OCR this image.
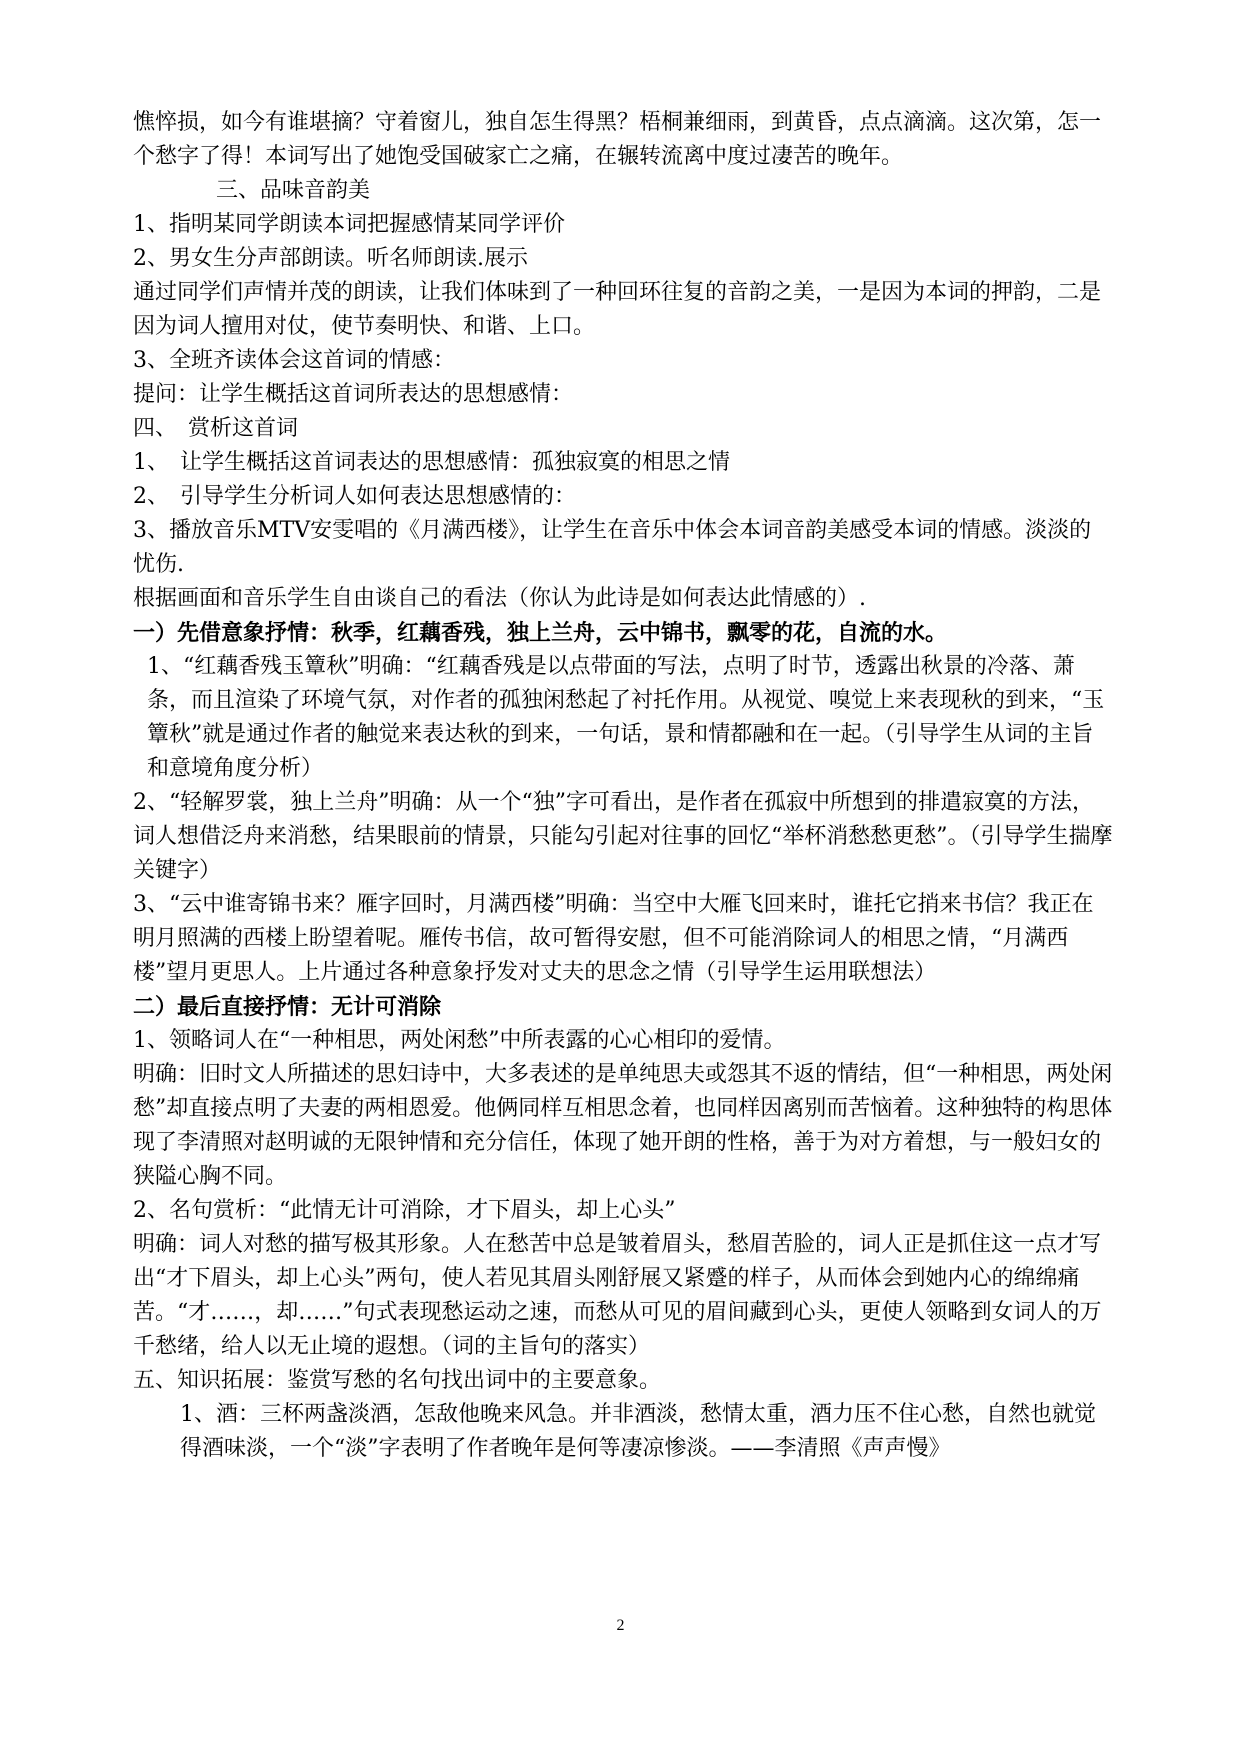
憔悴损，如今有谁堪摘？守着窗儿，独自怎生得黑？梧桐兼细雨，到黄昏，点点滴滴。这次第，怎一个愁字了得！本词写出了她饱受国破家亡之痛，在辗转流离中度过凄苦的晚年。

三、品味音韵美

1、指明某同学朗读本词把握感情某同学评价

2、男女生分声部朗读。听名师朗读.展示

通过同学们声情并茂的朗读，让我们体味到了一种回环往复的音韵之美，一是因为本词的押韵，二是因为词人擅用对仗，使节奏明快、和谐、上口。

3、全班齐读体会这首词的情感：

提问：让学生概括这首词所表达的思想感情：

四、　赏析这首词

1、　让学生概括这首词表达的思想感情：孤独寂寞的相思之情

2、　引导学生分析词人如何表达思想感情的：

3、播放音乐MTV安雯唱的《月满西楼》，让学生在音乐中体会本词音韵美感受本词的情感。淡淡的忧伤.

根据画面和音乐学生自由谈自己的看法（你认为此诗是如何表达此情感的）.

一）先借意象抒情：秋季，红藕香残，独上兰舟，云中锦书，飘零的花，自流的水。

1、“红藕香残玉簟秋”明确：“红藕香残是以点带面的写法，点明了时节，透露出秋景的冷落、萧条，而且渲染了环境气氛，对作者的孤独闲愁起了衬托作用。从视觉、嗅觉上来表现秋的到来，“玉簟秋”就是通过作者的触觉来表达秋的到来，一句话，景和情都融和在一起。（引导学生从词的主旨和意境角度分析）

2、“轻解罗裳，独上兰舟”明确：从一个“独”字可看出，是作者在孤寂中所想到的排遣寂寞的方法，词人想借泛舟来消愁，结果眼前的情景，只能勾引起对往事的回忆“举杯消愁愁更愁”。（引导学生揣摩关键字）

3、“云中谁寄锦书来？雁字回时，月满西楼”明确：当空中大雁飞回来时，谁托它捎来书信？我正在明月照满的西楼上盼望着呢。雁传书信，故可暂得安慰，但不可能消除词人的相思之情，“月满西楼”望月更思人。上片通过各种意象抒发对丈夫的思念之情（引导学生运用联想法）

二）最后直接抒情：无计可消除

1、领略词人在“一种相思，两处闲愁”中所表露的心心相印的爱情。

明确：旧时文人所描述的思妇诗中，大多表述的是单纯思夫或怨其不返的情结，但“一种相思，两处闲愁”却直接点明了夫妻的两相恩爱。他俩同样互相思念着，也同样因离别而苦恼着。这种独特的构思体现了李清照对赵明诚的无限钟情和充分信任，体现了她开朗的性格，善于为对方着想，与一般妇女的狭隘心胸不同。

2、名句赏析：“此情无计可消除，才下眉头，却上心头”

明确：词人对愁的描写极其形象。人在愁苦中总是皱着眉头，愁眉苦脸的，词人正是抓住这一点才写出“才下眉头，却上心头”两句，使人若见其眉头刚舒展又紧蹙的样子，从而体会到她内心的绵绵痛苦。“才……，却……”句式表现愁运动之速，而愁从可见的眉间藏到心头，更使人领略到女词人的万千愁绪，给人以无止境的遐想。（词的主旨句的落实）

五、知识拓展：鉴赏写愁的名句找出词中的主要意象。

1、酒：三杯两盏淡酒，怎敌他晚来风急。并非酒淡，愁情太重，酒力压不住心愁，自然也就觉得酒味淡，一个“淡”字表明了作者晚年是何等凄凉惨淡。——李清照《声声慢》

2
